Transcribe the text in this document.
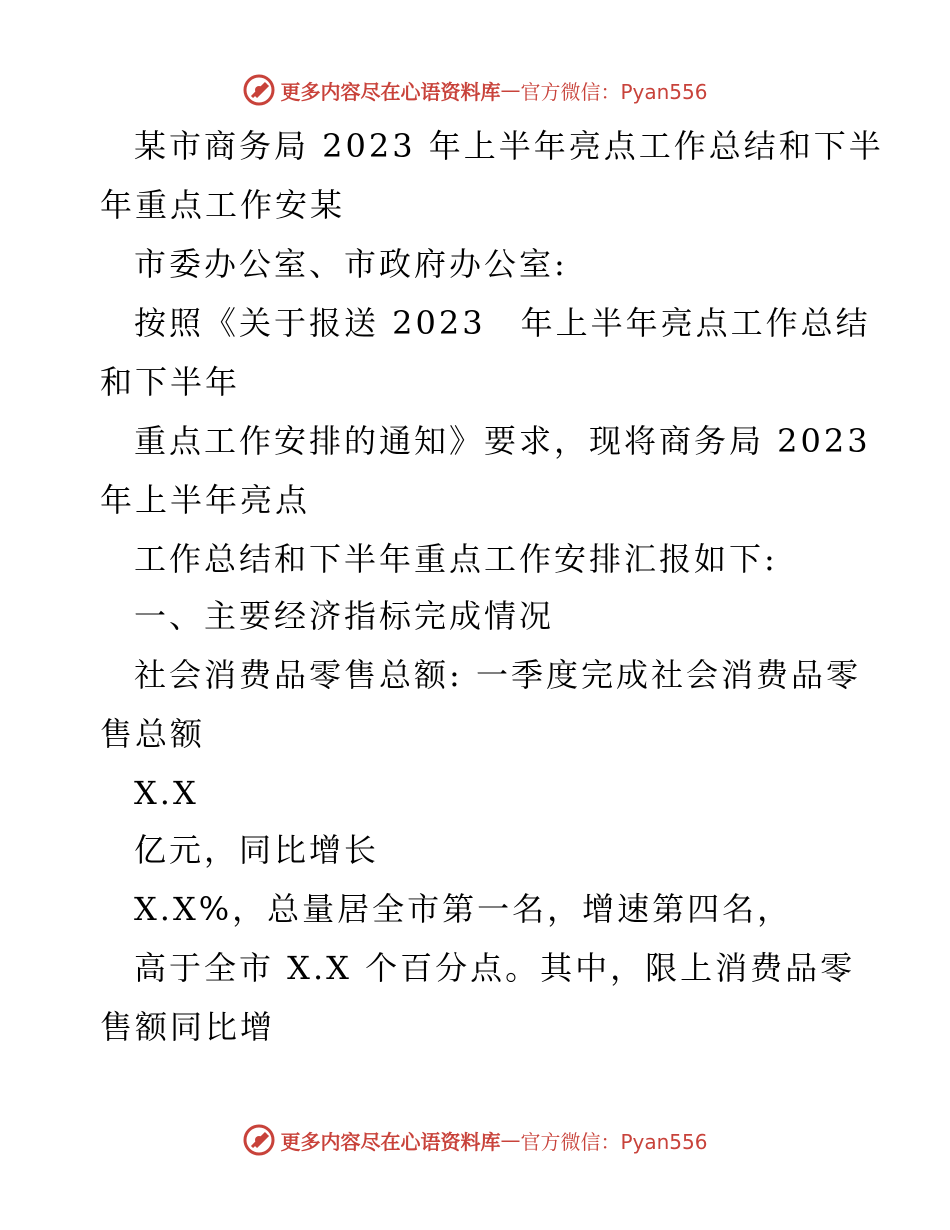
更多内容尽在心语资料库 — 官方微信：Pyan556
某市商务局 2023 年上半年亮点工作总结和下半
年重点工作安某
市委办公室、市政府办公室:
按照《关于报送 2023　年上半年亮点工作总结
和下半年
重点工作安排的通知》要求，现将商务局 2023
年上半年亮点
工作总结和下半年重点工作安排汇报如下:
一、主要经济指标完成情况
社会消费品零售总额: 一季度完成社会消费品零
售总额
X.X
亿元，同比增长
X.X%，总量居全市第一名，增速第四名，
高于全市 X.X 个百分点。其中，限上消费品零
售额同比增
更多内容尽在心语资料库 — 官方微信：Pyan556
